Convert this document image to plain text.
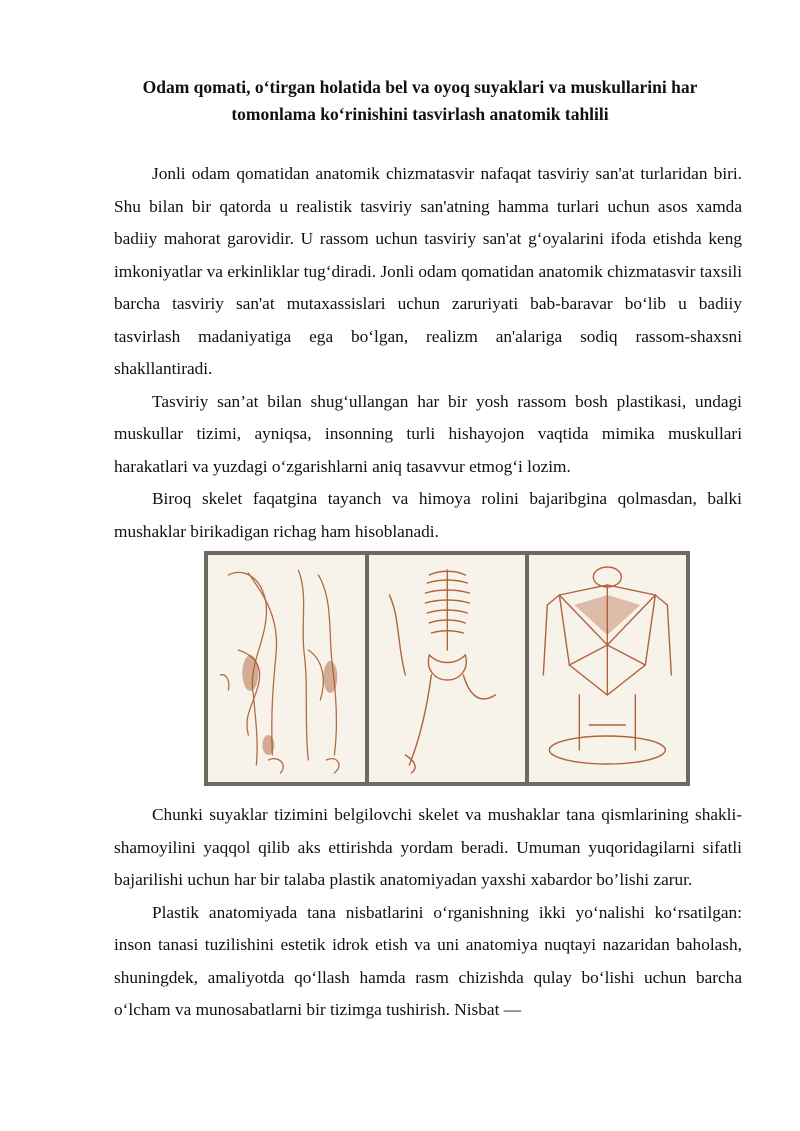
Odam qomati, o‘tirgan holatida bel va oyoq suyaklari va muskullarini har tomonlama ko‘rinishini tasvirlash anatomik tahlili

Jonli odam qomatidan anatomik chizmatasvir nafaqat tasviriy san'at turlaridan biri. Shu bilan bir qatorda u realistik tasviriy san'atning hamma turlari uchun asos xamda badiiy mahorat garovidir. U rassom uchun tasviriy san'at g‘oyalarini ifoda etishda keng imkoniyatlar va erkinliklar tug‘diradi. Jonli odam qomatidan anatomik chizmatasvir taxsili barcha tasviriy san'at mutaxassislari uchun zaruriyati bab-baravar bo‘lib u badiiy tasvirlash madaniyatiga ega bo‘lgan, realizm an'alariga sodiq rassom-shaxsni shakllantiradi.

Tasviriy san’at bilan shug‘ullangan har bir yosh rassom bosh plastikasi, undagi muskullar tizimi, ayniqsa, insonning turli hishayojon vaqtida mimika muskullari harakatlari va yuzdagi o‘zgarishlarni aniq tasavvur etmog‘i lozim.

Biroq skelet faqatgina tayanch va himoya rolini bajaribgina qolmasdan, balki mushaklar birikadigan richag ham hisoblanadi.

Chunki suyaklar tizimini belgilovchi skelet va mushaklar tana qismlarining shakli-shamoyilini yaqqol qilib aks ettirishda yordam beradi. Umuman yuqoridagilarni sifatli bajarilishi uchun har bir talaba plastik anatomiyadan yaxshi xabardor bo’lishi zarur.

Plastik anatomiyada tana nisbatlarini o‘rganishning ikki yo‘nalishi ko‘rsatilgan: inson tanasi tuzilishini estetik idrok etish va uni anatomiya nuqtayi nazaridan baholash, shuningdek, amaliyotda qo‘llash hamda rasm chizishda qulay bo‘lishi uchun barcha o‘lcham va munosabatlarni bir tizimga tushirish. Nisbat —
